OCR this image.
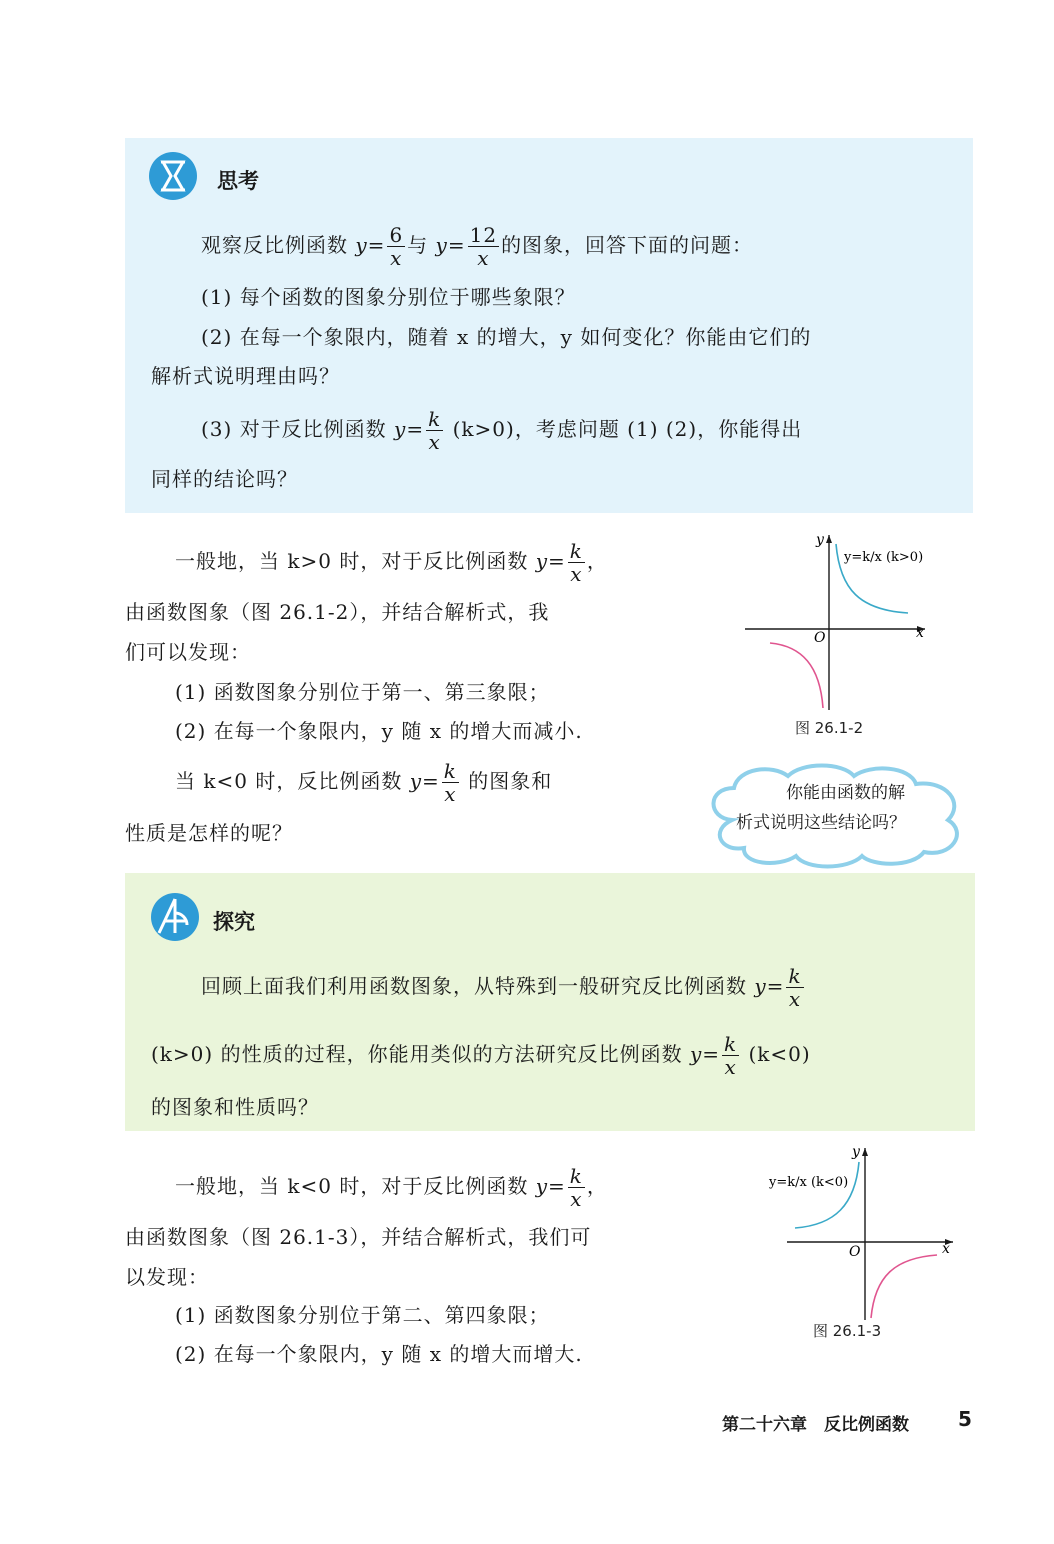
思考
观察反比例函数 $y= \frac{6}{x}$ 与 $y= \frac{12}{x}$ 的图象，回答下面的问题：
(1) 每个函数的图象分别位于哪些象限？
(2) 在每一个象限内，随着 x 的增大，y 如何变化？你能由它们的
解析式说明理由吗？
(3) 对于反比例函数 $y= \frac{k}{x} (k>0)$，考虑问题 (1) (2)，你能得出
同样的结论吗？
一般地，当 k>0 时，对于反比例函数 $y= \frac{k}{x}$ ，
由函数图象（图 26.1-2），并结合解析式，我
们可以发现：
(1) 函数图象分别位于第一、第三象限；
(2) 在每一个象限内，y 随 x 的增大而减小.
当 k<0 时，反比例函数 $y= \frac{k}{x}$ 的图象和
性质是怎样的呢？
y
x
O
y=k/x (k>0)
图 26.1-2
你能由函数的解
析式说明这些结论吗？
探究
回顾上面我们利用函数图象，从特殊到一般研究反比例函数 $y= \frac{k}{x}$
(k>0) 的性质的过程，你能用类似的方法研究反比例函数 $y= \frac{k}{x} (k<0)$
的图象和性质吗？
一般地，当 k<0 时，对于反比例函数 $y= \frac{k}{x}$ ，
由函数图象（图 26.1-3），并结合解析式，我们可
以发现：
(1) 函数图象分别位于第二、第四象限；
(2) 在每一个象限内，y 随 x 的增大而增大.
y
x
O
y=k/x (k<0)
图 26.1-3
第二十六章　反比例函数 5
